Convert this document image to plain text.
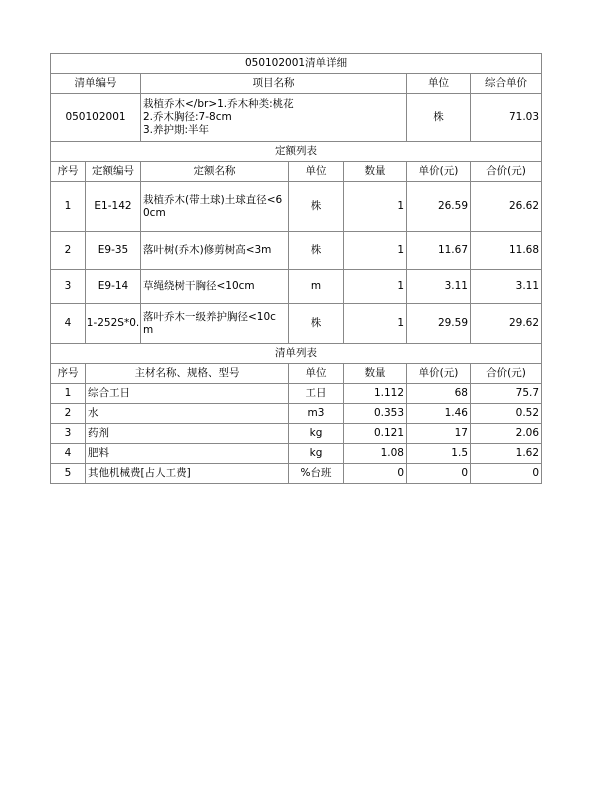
050102001清单详细						
清单编号		项目名称			单位	综合单价
050102001		栽植乔木</br>1.乔木种类:桃花
2.乔木胸径:7-8cm
3.养护期:半年			株	71.03
定额列表						
序号	定额编号	定额名称	单位	数量	单价(元)	合价(元)
1	E1-142	栽植乔木(带土球)土球直径<60cm	株	1	26.59	26.62
2	E9-35	落叶树(乔木)修剪树高<3m	株	1	11.67	11.68
3	E9-14	草绳绕树干胸径<10cm	m	1	3.11	3.11
4	1-252S*0.	落叶乔木一级养护胸径<10cm	株	1	29.59	29.62
清单列表						
序号	主材名称、规格、型号		单位	数量	单价(元)	合价(元)
1	综合工日		工日	1.112	68	75.7
2	水		m3	0.353	1.46	0.52
3	药剂		kg	0.121	17	2.06
4	肥料		kg	1.08	1.5	1.62
5	其他机械费[占人工费]		%台班	0	0	0
